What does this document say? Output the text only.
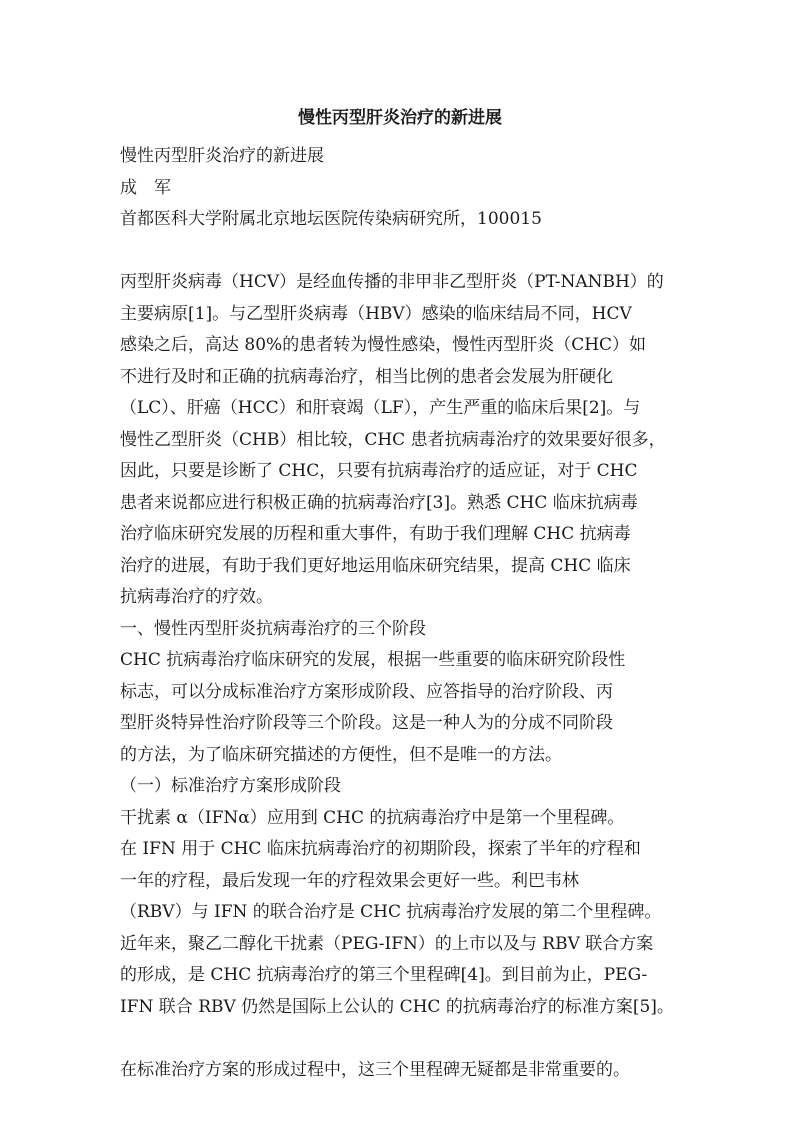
慢性丙型肝炎治疗的新进展
慢性丙型肝炎治疗的新进展
成　军
首都医科大学附属北京地坛医院传染病研究所，100015
丙型肝炎病毒（HCV）是经血传播的非甲非乙型肝炎（PT-NANBH）的
主要病原[1]。与乙型肝炎病毒（HBV）感染的临床结局不同，HCV
感染之后，高达 80%的患者转为慢性感染，慢性丙型肝炎（CHC）如
不进行及时和正确的抗病毒治疗，相当比例的患者会发展为肝硬化
（LC）、肝癌（HCC）和肝衰竭（LF），产生严重的临床后果[2]。与
慢性乙型肝炎（CHB）相比较，CHC 患者抗病毒治疗的效果要好很多，
因此，只要是诊断了 CHC，只要有抗病毒治疗的适应证，对于 CHC
患者来说都应进行积极正确的抗病毒治疗[3]。熟悉 CHC 临床抗病毒
治疗临床研究发展的历程和重大事件，有助于我们理解 CHC 抗病毒
治疗的进展，有助于我们更好地运用临床研究结果，提高 CHC 临床
抗病毒治疗的疗效。
一、慢性丙型肝炎抗病毒治疗的三个阶段
CHC 抗病毒治疗临床研究的发展，根据一些重要的临床研究阶段性
标志，可以分成标准治疗方案形成阶段、应答指导的治疗阶段、丙
型肝炎特异性治疗阶段等三个阶段。这是一种人为的分成不同阶段
的方法，为了临床研究描述的方便性，但不是唯一的方法。
（一）标准治疗方案形成阶段
干扰素 α（IFNα）应用到 CHC 的抗病毒治疗中是第一个里程碑。
在 IFN 用于 CHC 临床抗病毒治疗的初期阶段，探索了半年的疗程和
一年的疗程，最后发现一年的疗程效果会更好一些。利巴韦林
（RBV）与 IFN 的联合治疗是 CHC 抗病毒治疗发展的第二个里程碑。
近年来，聚乙二醇化干扰素（PEG-IFN）的上市以及与 RBV 联合方案
的形成，是 CHC 抗病毒治疗的第三个里程碑[4]。到目前为止，PEG-
IFN 联合 RBV 仍然是国际上公认的 CHC 的抗病毒治疗的标准方案[5]。
在标准治疗方案的形成过程中，这三个里程碑无疑都是非常重要的。
